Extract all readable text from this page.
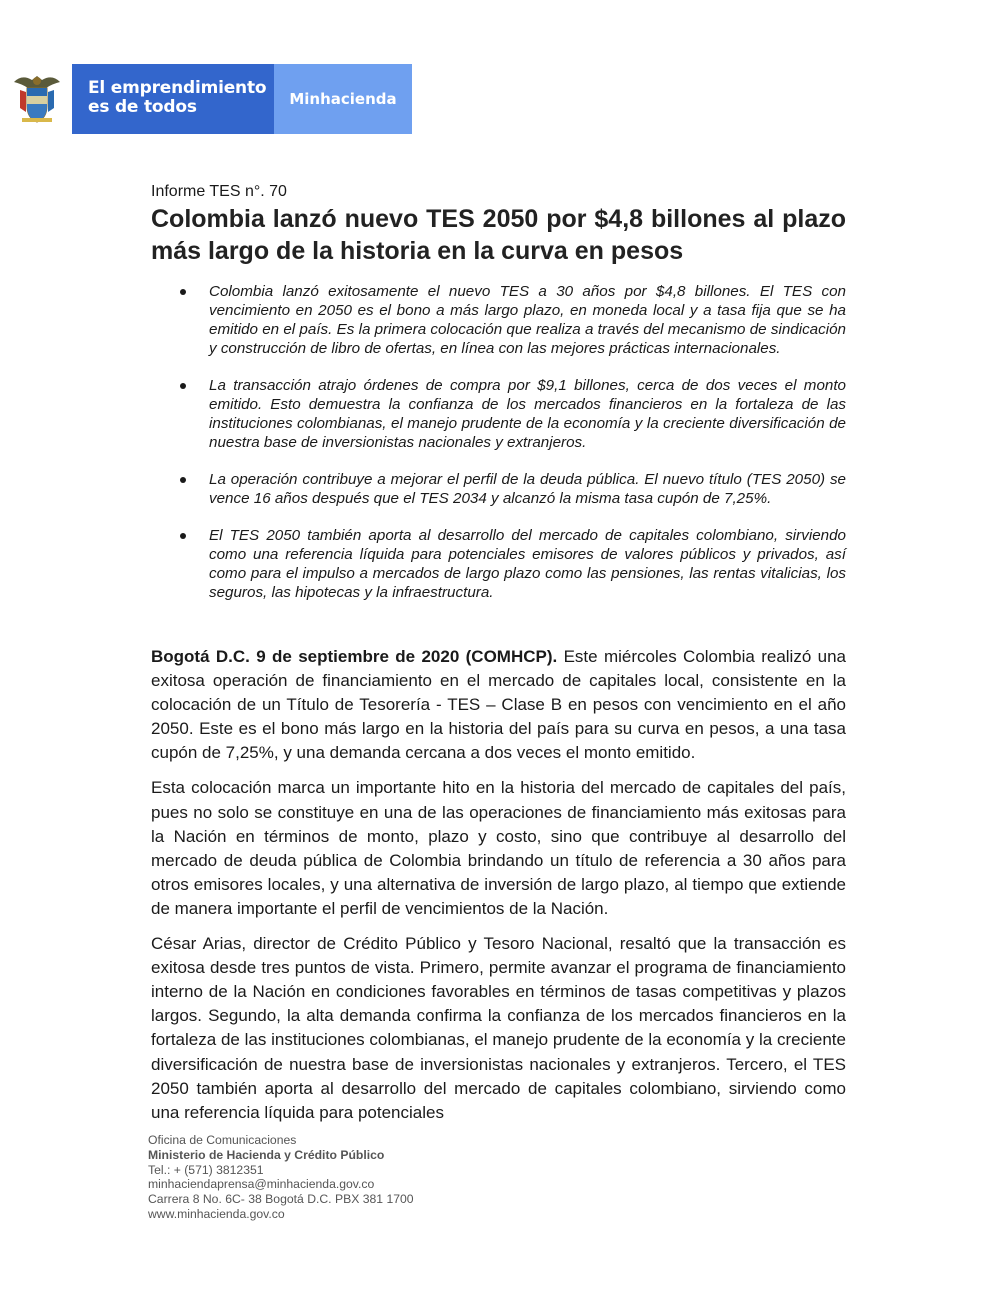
El emprendimiento
es de todos	Minhacienda
Informe TES n°. 70
Colombia lanzó nuevo TES 2050 por $4,8 billones al plazo más largo de la historia en la curva en pesos
Colombia lanzó exitosamente el nuevo TES a 30 años por $4,8 billones. El TES con vencimiento en 2050 es el bono a más largo plazo, en moneda local y a tasa fija que se ha emitido en el país. Es la primera colocación que realiza a través del mecanismo de sindicación y construcción de libro de ofertas, en línea con las mejores prácticas internacionales.
La transacción atrajo órdenes de compra por $9,1 billones, cerca de dos veces el monto emitido. Esto demuestra la confianza de los mercados financieros en la fortaleza de las instituciones colombianas, el manejo prudente de la economía y la creciente diversificación de nuestra base de inversionistas nacionales y extranjeros.
La operación contribuye a mejorar el perfil de la deuda pública. El nuevo título (TES 2050) se vence 16 años después que el TES 2034 y alcanzó la misma tasa cupón de 7,25%.
El TES 2050 también aporta al desarrollo del mercado de capitales colombiano, sirviendo como una referencia líquida para potenciales emisores de valores públicos y privados, así como para el impulso a mercados de largo plazo como las pensiones, las rentas vitalicias, los seguros, las hipotecas y la infraestructura.

Bogotá D.C. 9 de septiembre de 2020 (COMHCP). Este miércoles Colombia realizó una exitosa operación de financiamiento en el mercado de capitales local, consistente en la colocación de un Título de Tesorería - TES – Clase B en pesos con vencimiento en el año 2050. Este es el bono más largo en la historia del país para su curva en pesos, a una tasa cupón de 7,25%, y una demanda cercana a dos veces el monto emitido.

Esta colocación marca un importante hito en la historia del mercado de capitales del país, pues no solo se constituye en una de las operaciones de financiamiento más exitosas para la Nación en términos de monto, plazo y costo, sino que contribuye al desarrollo del mercado de deuda pública de Colombia brindando un título de referencia a 30 años para otros emisores locales, y una alternativa de inversión de largo plazo, al tiempo que extiende de manera importante el perfil de vencimientos de la Nación.

César Arias, director de Crédito Público y Tesoro Nacional, resaltó que la transacción es exitosa desde tres puntos de vista. Primero, permite avanzar el programa de financiamiento interno de la Nación en condiciones favorables en términos de tasas competitivas y plazos largos. Segundo, la alta demanda confirma la confianza de los mercados financieros en la fortaleza de las instituciones colombianas, el manejo prudente de la economía y la creciente diversificación de nuestra base de inversionistas nacionales y extranjeros. Tercero, el TES 2050 también aporta al desarrollo del mercado de capitales colombiano, sirviendo como una referencia líquida para potenciales

Oficina de Comunicaciones
Ministerio de Hacienda y Crédito Público
Tel.: + (571) 3812351
minhaciendaprensa@minhacienda.gov.co
Carrera 8 No. 6C- 38 Bogotá D.C. PBX 381 1700
www.minhacienda.gov.co
